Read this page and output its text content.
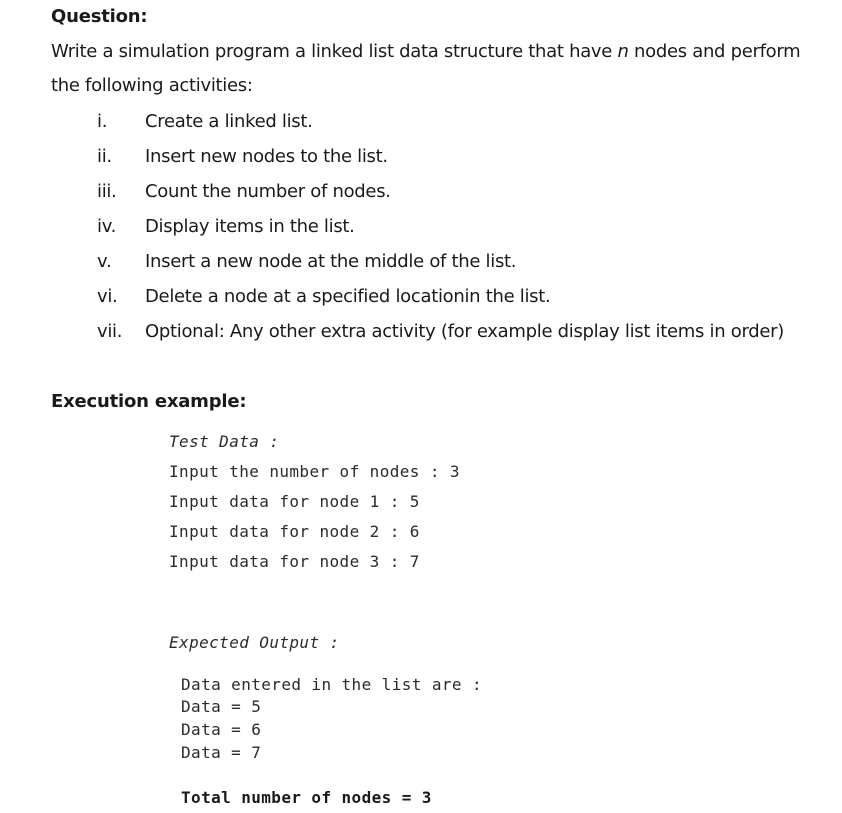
Question:
Write a simulation program a linked list data structure that have n nodes and perform
the following activities:
i. Create a linked list.
ii. Insert new nodes to the list.
iii. Count the number of nodes.
iv. Display items in the list.
v. Insert a new node at the middle of the list.
vi. Delete a node at a specified locationin the list.
vii. Optional: Any other extra activity (for example display list items in order)
Execution example:
Test Data :
Input the number of nodes : 3
Input data for node 1 : 5
Input data for node 2 : 6
Input data for node 3 : 7
Expected Output :
Data entered in the list are :
Data = 5
Data = 6
Data = 7
Total number of nodes = 3
